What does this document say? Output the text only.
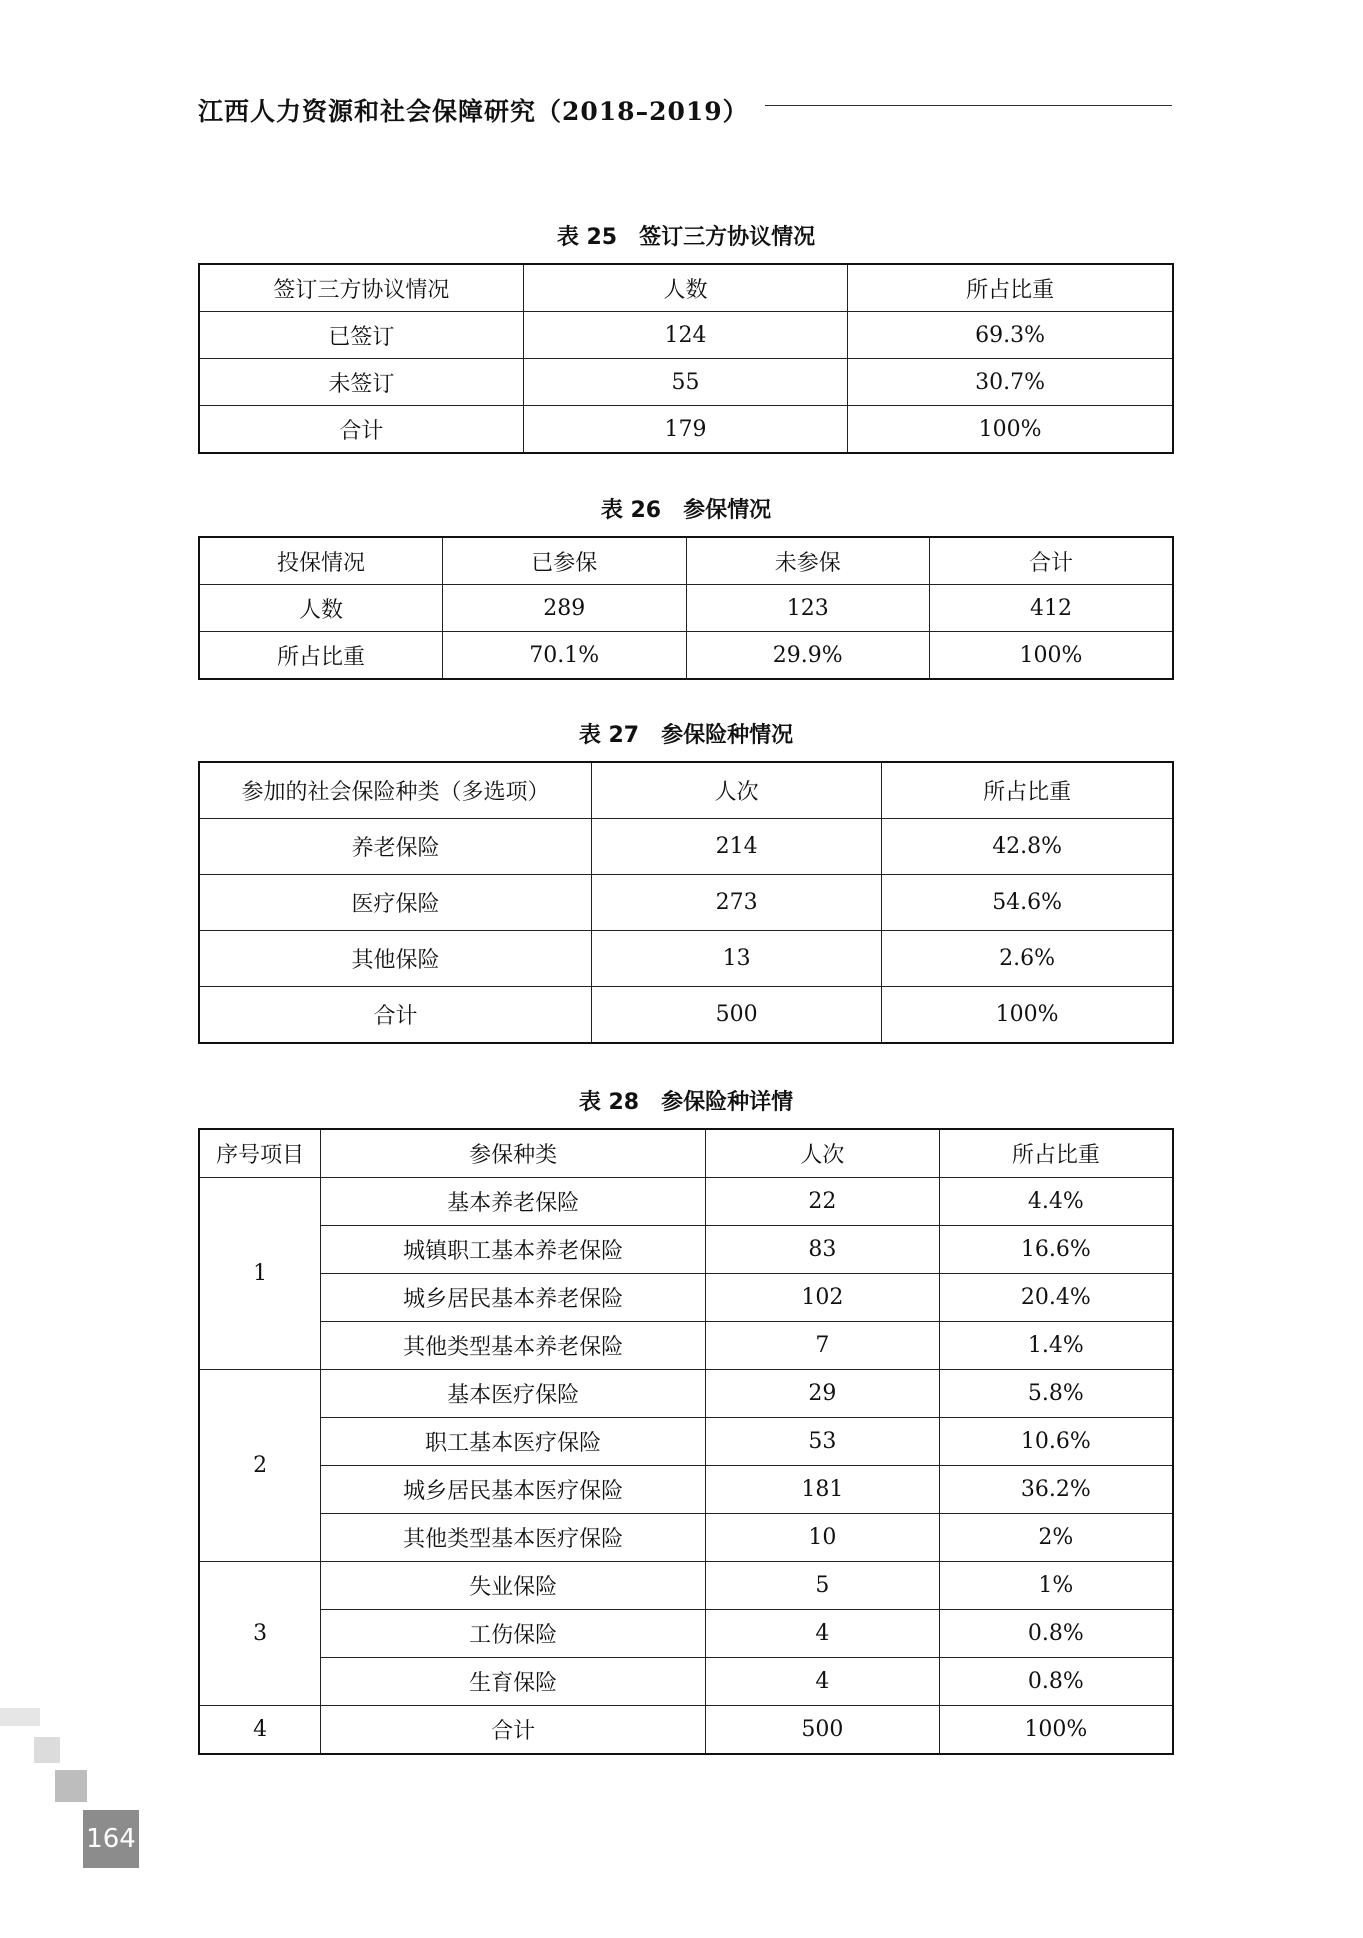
江西人力资源和社会保障研究（2018–2019）
表 25 签订三方协议情况
签订三方协议情况	人数	所占比重
已签订	124	69.3%
未签订	55	30.7%
合计	179	100%
表 26 参保情况
投保情况	已参保	未参保	合计
人数	289	123	412
所占比重	70.1%	29.9%	100%
表 27 参保险种情况
参加的社会保险种类（多选项）	人次	所占比重
养老保险	214	42.8%
医疗保险	273	54.6%
其他保险	13	2.6%
合计	500	100%
表 28 参保险种详情
序号项目	参保种类	人次	所占比重
1	基本养老保险	22	4.4%
	城镇职工基本养老保险	83	16.6%
	城乡居民基本养老保险	102	20.4%
	其他类型基本养老保险	7	1.4%
2	基本医疗保险	29	5.8%
	职工基本医疗保险	53	10.6%
	城乡居民基本医疗保险	181	36.2%
	其他类型基本医疗保险	10	2%
3	失业保险	5	1%
	工伤保险	4	0.8%
	生育保险	4	0.8%
4	合计	500	100%
164
